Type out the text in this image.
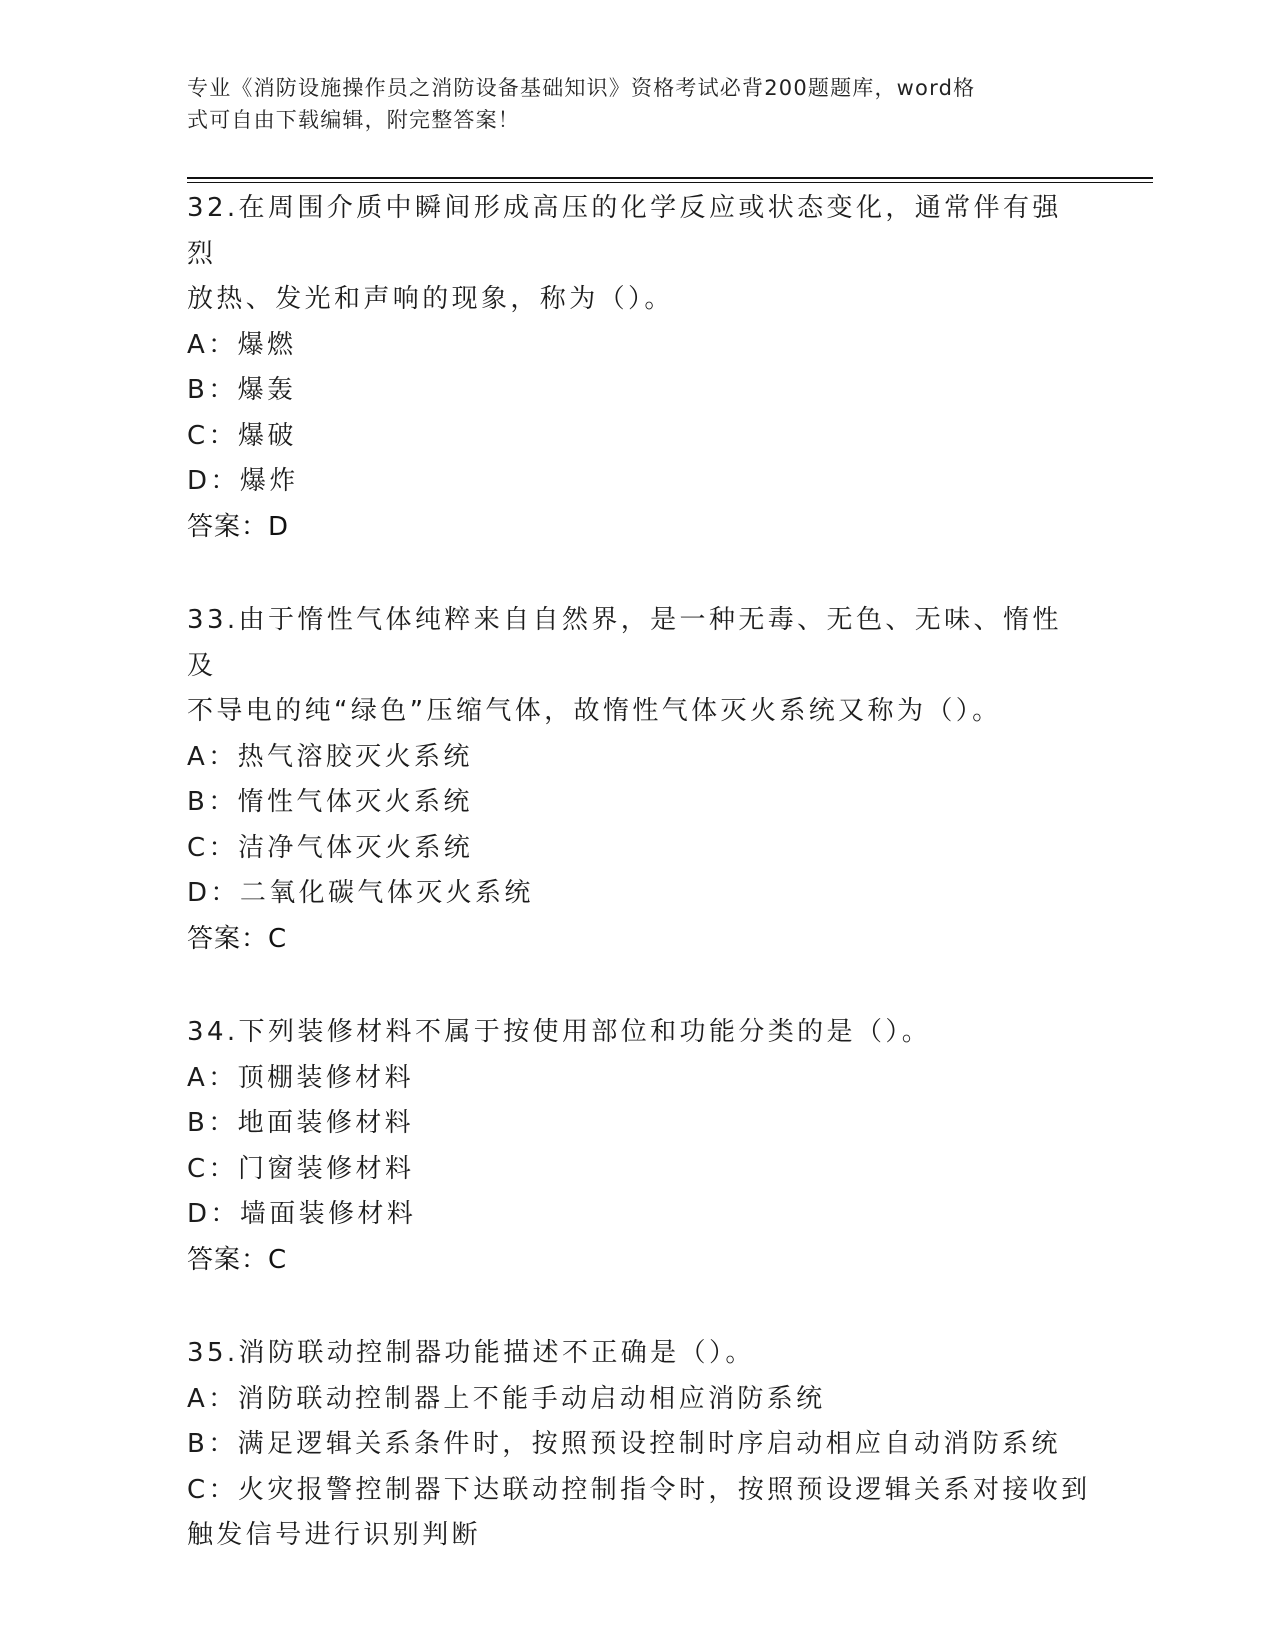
专业《消防设施操作员之消防设备基础知识》资格考试必背200题题库，word格
式可自由下载编辑，附完整答案！
32.在周围介质中瞬间形成高压的化学反应或状态变化，通常伴有强烈
放热、发光和声响的现象，称为（）。
A：爆燃
B：爆轰
C：爆破
D：爆炸
答案：D
33.由于惰性气体纯粹来自自然界，是一种无毒、无色、无味、惰性及
不导电的纯“绿色”压缩气体，故惰性气体灭火系统又称为（）。
A：热气溶胶灭火系统
B：惰性气体灭火系统
C：洁净气体灭火系统
D：二氧化碳气体灭火系统
答案：C
34.下列装修材料不属于按使用部位和功能分类的是（）。
A：顶棚装修材料
B：地面装修材料
C：门窗装修材料
D：墙面装修材料
答案：C
35.消防联动控制器功能描述不正确是（）。
A：消防联动控制器上不能手动启动相应消防系统
B：满足逻辑关系条件时，按照预设控制时序启动相应自动消防系统
C：火灾报警控制器下达联动控制指令时，按照预设逻辑关系对接收到
触发信号进行识别判断
